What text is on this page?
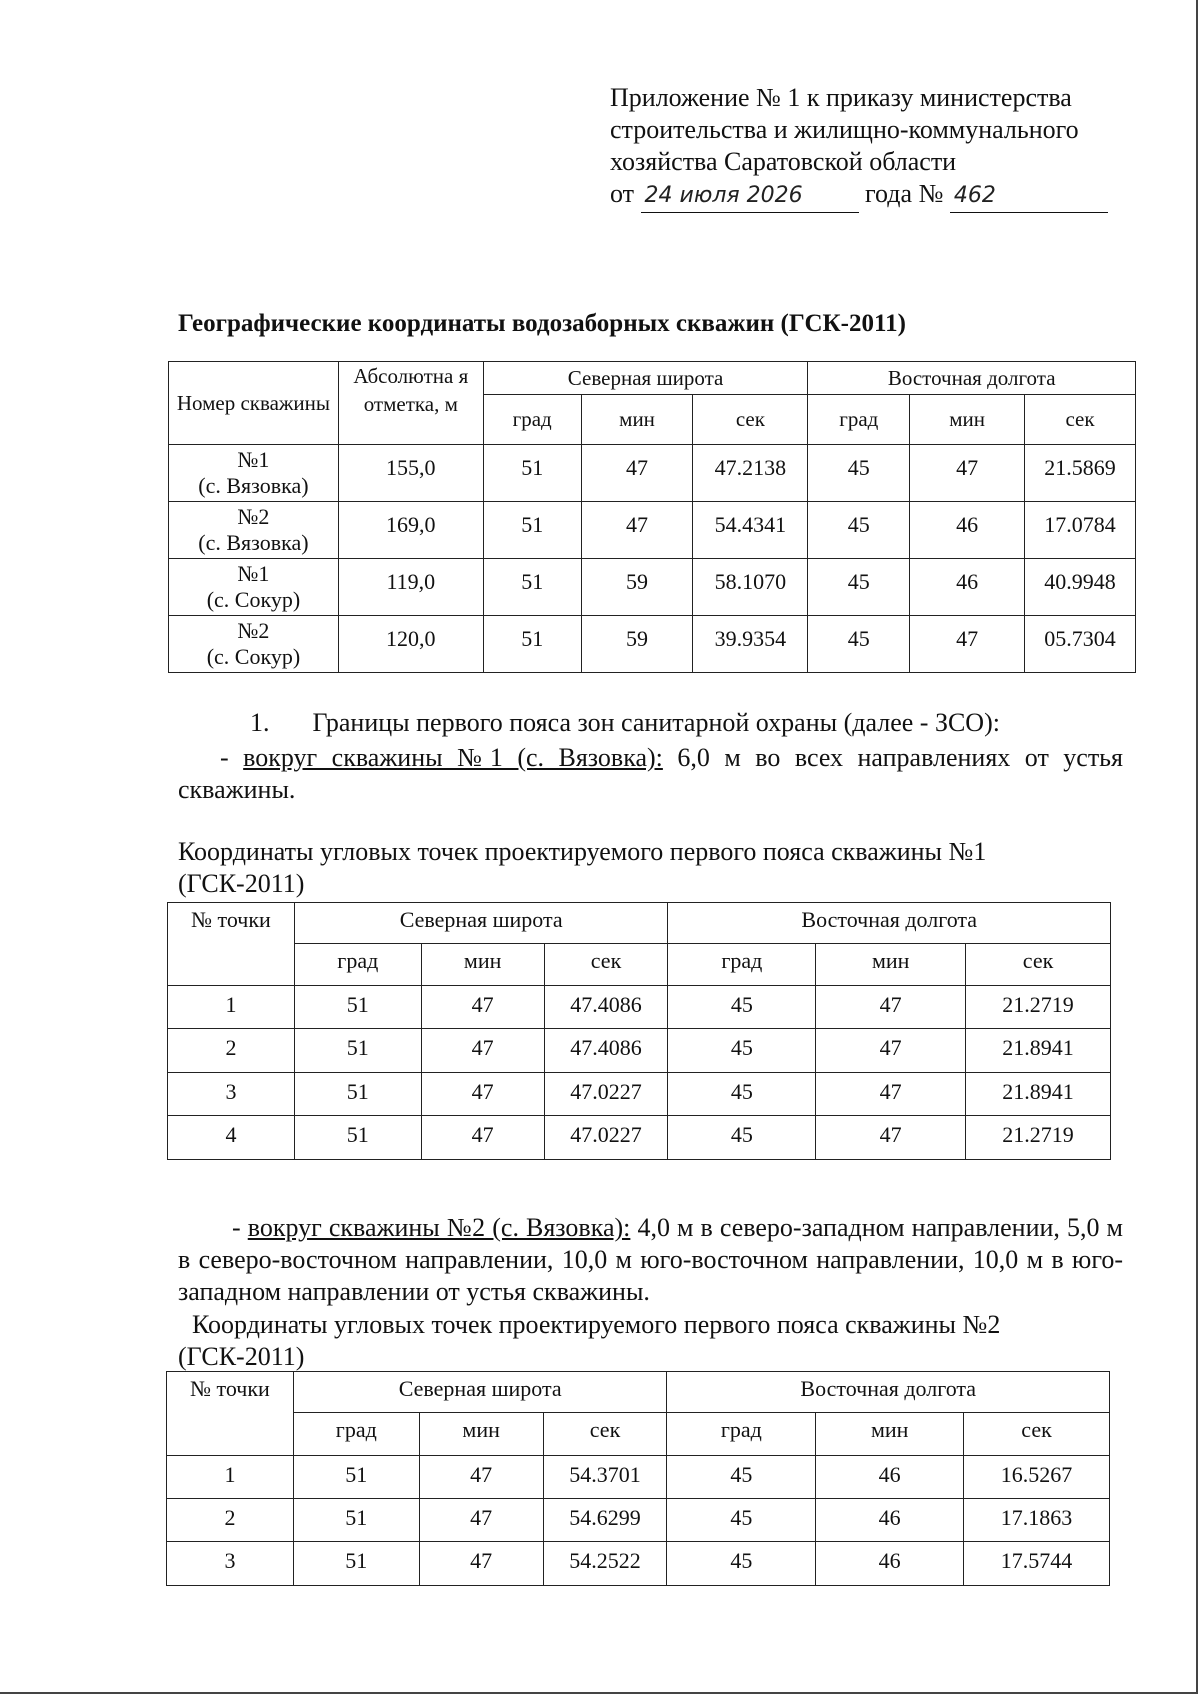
Приложение № 1 к приказу министерства
строительства и жилищно-коммунального
хозяйства Саратовской области
от 24 июля 2026 года № 462
Географические координаты водозаборных скважин (ГСК-2011)
Номер скважины	Абсолютна я отметка, м	Северная широта			Восточная долгота		
		град	мин	сек	град	мин	сек
№1
(с. Вязовка)	155,0	51	47	47.2138	45	47	21.5869
№2
(с. Вязовка)	169,0	51	47	54.4341	45	46	17.0784
№1
(с. Сокур)	119,0	51	59	58.1070	45	46	40.9948
№2
(с. Сокур)	120,0	51	59	39.9354	45	47	05.7304
1. Границы первого пояса зон санитарной охраны (далее - ЗСО):
- вокруг скважины №1 (с. Вязовка): 6,0 м во всех направлениях от устья скважины.
Координаты угловых точек проектируемого первого пояса скважины №1 (ГСК-2011)
№ точки	Северная широта			Восточная долгота		
	град	мин	сек	град	мин	сек
1	51	47	47.4086	45	47	21.2719
2	51	47	47.4086	45	47	21.8941
3	51	47	47.0227	45	47	21.8941
4	51	47	47.0227	45	47	21.2719
- вокруг скважины №2 (с. Вязовка): 4,0 м в северо-западном направлении, 5,0 м в северо-восточном направлении, 10,0 м юго-восточном направлении, 10,0 м в юго-западном направлении от устья скважины.
Координаты угловых точек проектируемого первого пояса скважины №2 (ГСК-2011)
№ точки	Северная широта			Восточная долгота		
	град	мин	сек	град	мин	сек
1	51	47	54.3701	45	46	16.5267
2	51	47	54.6299	45	46	17.1863
3	51	47	54.2522	45	46	17.5744
